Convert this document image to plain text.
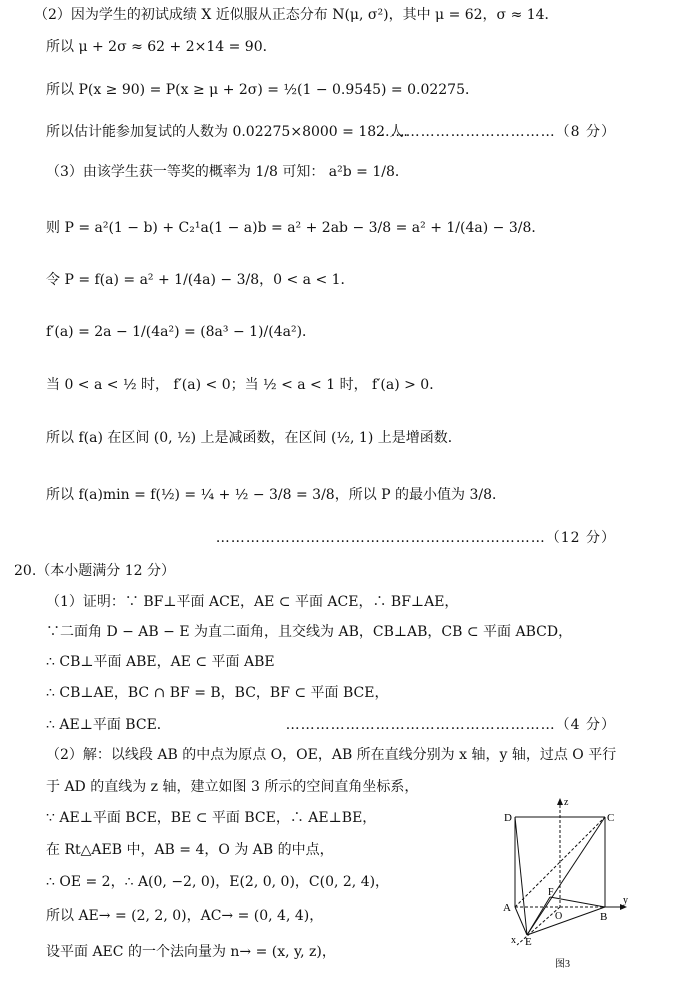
（2）因为学生的初试成绩 X 近似服从正态分布 N(μ, σ²)，其中 μ = 62，σ ≈ 14．
所以 μ + 2σ ≈ 62 + 2×14 = 90．
所以 P(x ≥ 90) = P(x ≥ μ + 2σ) = ½(1 − 0.9545) = 0.02275．
所以估计能参加复试的人数为 0.02275×8000 = 182 人．
………………………………（8 分）
（3）由该学生获一等奖的概率为 1/8 可知： a²b = 1/8．
则 P = a²(1 − b) + C₂¹a(1 − a)b = a² + 2ab − 3/8 = a² + 1/(4a) − 3/8．
令 P = f(a) = a² + 1/(4a) − 3/8，0 < a < 1．
f′(a) = 2a − 1/(4a²) = (8a³ − 1)/(4a²)．
当 0 < a < ½ 时， f′(a) < 0；当 ½ < a < 1 时， f′(a) > 0．
所以 f(a) 在区间 (0, ½) 上是减函数，在区间 (½, 1) 上是增函数．
所以 f(a)min = f(½) = ¼ + ½ − 3/8 = 3/8，所以 P 的最小值为 3/8．
…………………………………………………………（12 分）
20.（本小题满分 12 分）
（1）证明：∵ BF⊥平面 ACE，AE ⊂ 平面 ACE，∴ BF⊥AE，
∵二面角 D − AB − E 为直二面角，且交线为 AB，CB⊥AB，CB ⊂ 平面 ABCD，
∴ CB⊥平面 ABE，AE ⊂ 平面 ABE
∴ CB⊥AE，BC ∩ BF = B，BC，BF ⊂ 平面 BCE，
∴ AE⊥平面 BCE．	………………………………………………（4 分）
（2）解：以线段 AB 的中点为原点 O，OE，AB 所在直线分别为 x 轴，y 轴，过点 O 平行
于 AD 的直线为 z 轴，建立如图 3 所示的空间直角坐标系，
∵ AE⊥平面 BCE，BE ⊂ 平面 BCE，∴ AE⊥BE，
在 Rt△AEB 中，AB = 4，O 为 AB 的中点，
∴ OE = 2，∴ A(0, −2, 0)，E(2, 0, 0)，C(0, 2, 4)，
所以 AE→ = (2, 2, 0)，AC→ = (0, 4, 4)，
设平面 AEC 的一个法向量为 n→ = (x, y, z)，
D	C
A
B
E
F
O
x
y
z
图3
